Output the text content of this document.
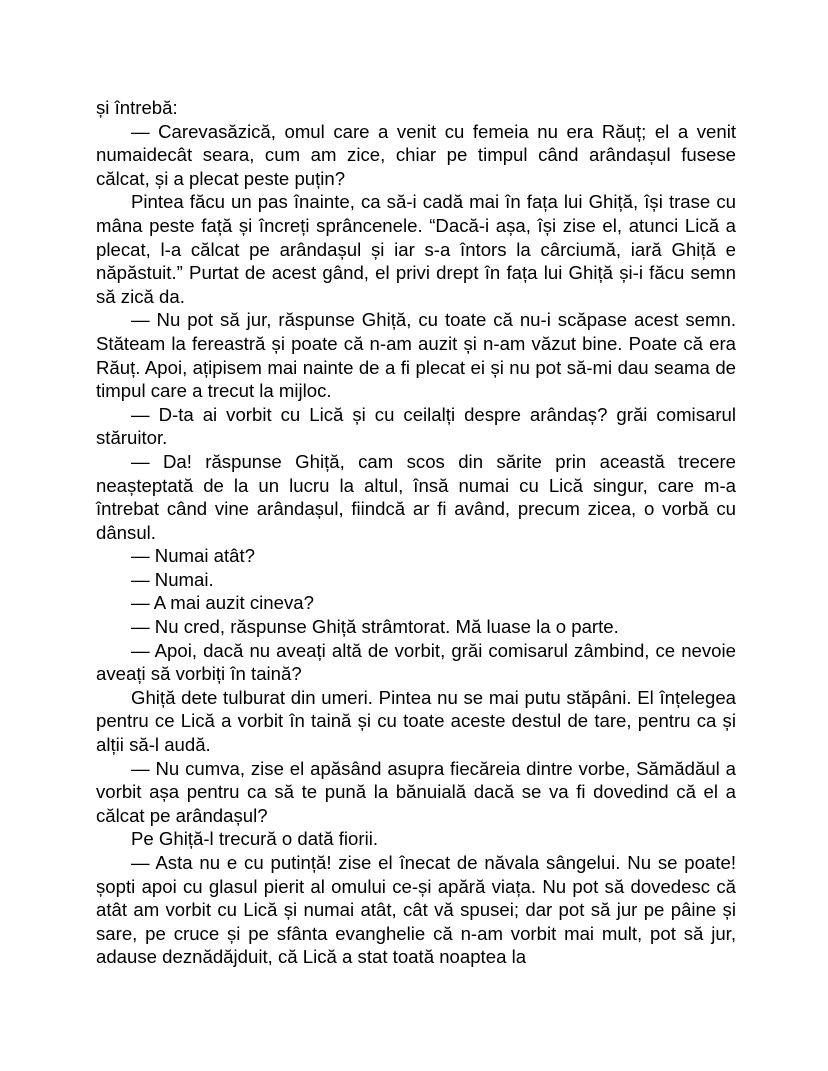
și întrebă:

— Carevasăzică, omul care a venit cu femeia nu era Răuț; el a venit numaidecât seara, cum am zice, chiar pe timpul când arândașul fusese călcat, și a plecat peste puțin?

Pintea făcu un pas înainte, ca să-i cadă mai în fața lui Ghiță, își trase cu mâna peste față și încreți sprâncenele. “Dacă-i așa, își zise el, atunci Lică a plecat, l-a călcat pe arândașul și iar s-a întors la cârciumă, iară Ghiță e năpăstuit.” Purtat de acest gând, el privi drept în fața lui Ghiță și-i făcu semn să zică da.

— Nu pot să jur, răspunse Ghiță, cu toate că nu-i scăpase acest semn. Stăteam la fereastră și poate că n-am auzit și n-am văzut bine. Poate că era Răuț. Apoi, ațipisem mai nainte de a fi plecat ei și nu pot să-mi dau seama de timpul care a trecut la mijloc.

— D-ta ai vorbit cu Lică și cu ceilalți despre arândaș? grăi comisarul stăruitor.

— Da! răspunse Ghiță, cam scos din sărite prin această trecere neașteptată de la un lucru la altul, însă numai cu Lică singur, care m-a întrebat când vine arândașul, fiindcă ar fi având, precum zicea, o vorbă cu dânsul.

— Numai atât?

— Numai.

— A mai auzit cineva?

— Nu cred, răspunse Ghiță strâmtorat. Mă luase la o parte.

— Apoi, dacă nu aveați altă de vorbit, grăi comisarul zâmbind, ce nevoie aveați să vorbiți în taină?

Ghiță dete tulburat din umeri. Pintea nu se mai putu stăpâni. El înțelegea pentru ce Lică a vorbit în taină și cu toate aceste destul de tare, pentru ca și alții să-l audă.

— Nu cumva, zise el apăsând asupra fiecăreia dintre vorbe, Sămădăul a vorbit așa pentru ca să te pună la bănuială dacă se va fi dovedind că el a călcat pe arândașul?

Pe Ghiță-l trecură o dată fiorii.

— Asta nu e cu putință! zise el înecat de năvala sângelui. Nu se poate! șopti apoi cu glasul pierit al omului ce-și apără viața. Nu pot să dovedesc că atât am vorbit cu Lică și numai atât, cât vă spusei; dar pot să jur pe pâine și sare, pe cruce și pe sfânta evanghelie că n-am vorbit mai mult, pot să jur, adause deznădăjduit, că Lică a stat toată noaptea la
